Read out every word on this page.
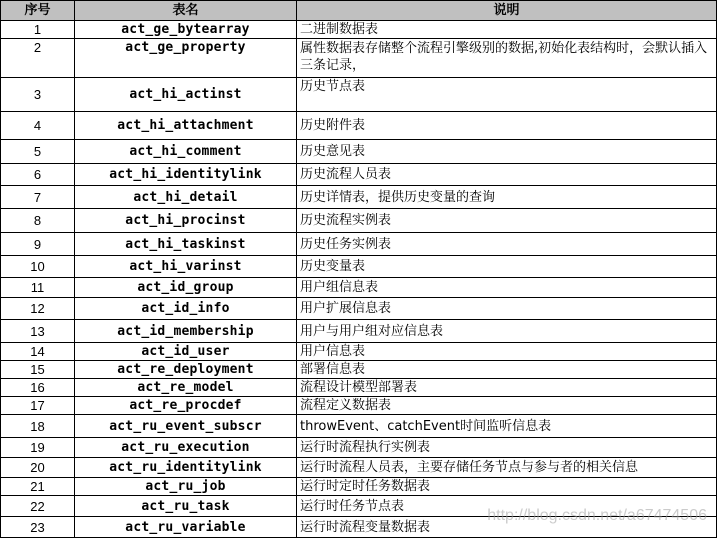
序号	表名	说明
1	act_ge_bytearray	二进制数据表
2	act_ge_property	属性数据表存储整个流程引擎级别的数据,初始化表结构时，会默认插入三条记录，
3	act_hi_actinst	历史节点表
4	act_hi_attachment	历史附件表
5	act_hi_comment	历史意见表
6	act_hi_identitylink	历史流程人员表
7	act_hi_detail	历史详情表，提供历史变量的查询
8	act_hi_procinst	历史流程实例表
9	act_hi_taskinst	历史任务实例表
10	act_hi_varinst	历史变量表
11	act_id_group	用户组信息表
12	act_id_info	用户扩展信息表
13	act_id_membership	用户与用户组对应信息表
14	act_id_user	用户信息表
15	act_re_deployment	部署信息表
16	act_re_model	流程设计模型部署表
17	act_re_procdef	流程定义数据表
18	act_ru_event_subscr	throwEvent、catchEvent时间监听信息表
19	act_ru_execution	运行时流程执行实例表
20	act_ru_identitylink	运行时流程人员表，主要存储任务节点与参与者的相关信息
21	act_ru_job	运行时定时任务数据表
22	act_ru_task	运行时任务节点表
23	act_ru_variable	运行时流程变量数据表
http://blog.csdn.net/a67474506
